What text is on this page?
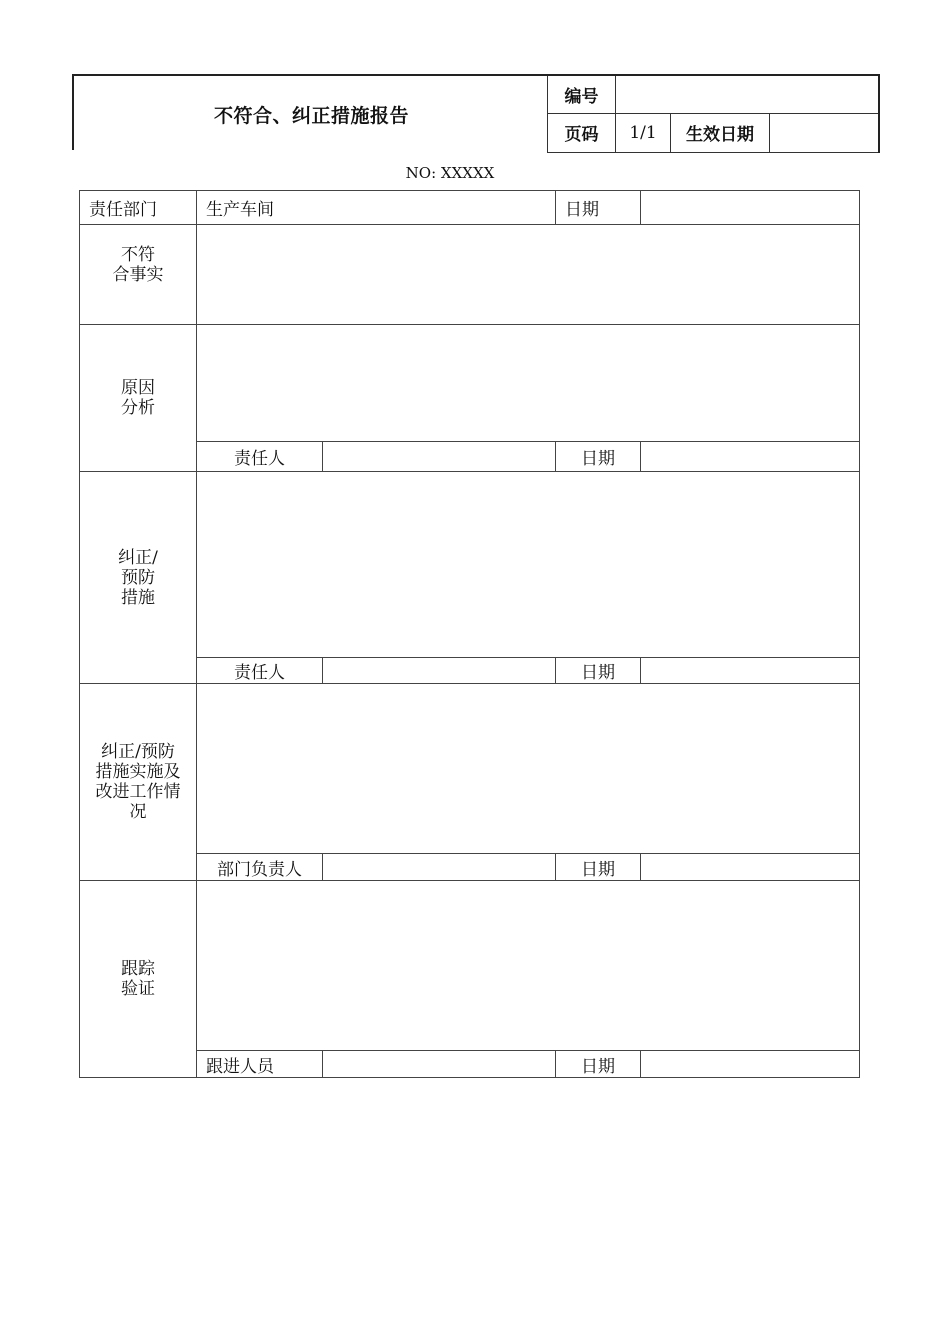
不符合、纠正措施报告
编号			
页码	1/1	生效日期	
NO: XXXXX
责任部门	生产车间		日期	

不符
合事实				

原因
分析				

	责任人		日期	

纠正/
预防
措施				

	责任人		日期	

纠正/预防
措施实施及
改进工作情
况				

	部门负责人		日期	

跟踪
验证				

	跟进人员		日期	
